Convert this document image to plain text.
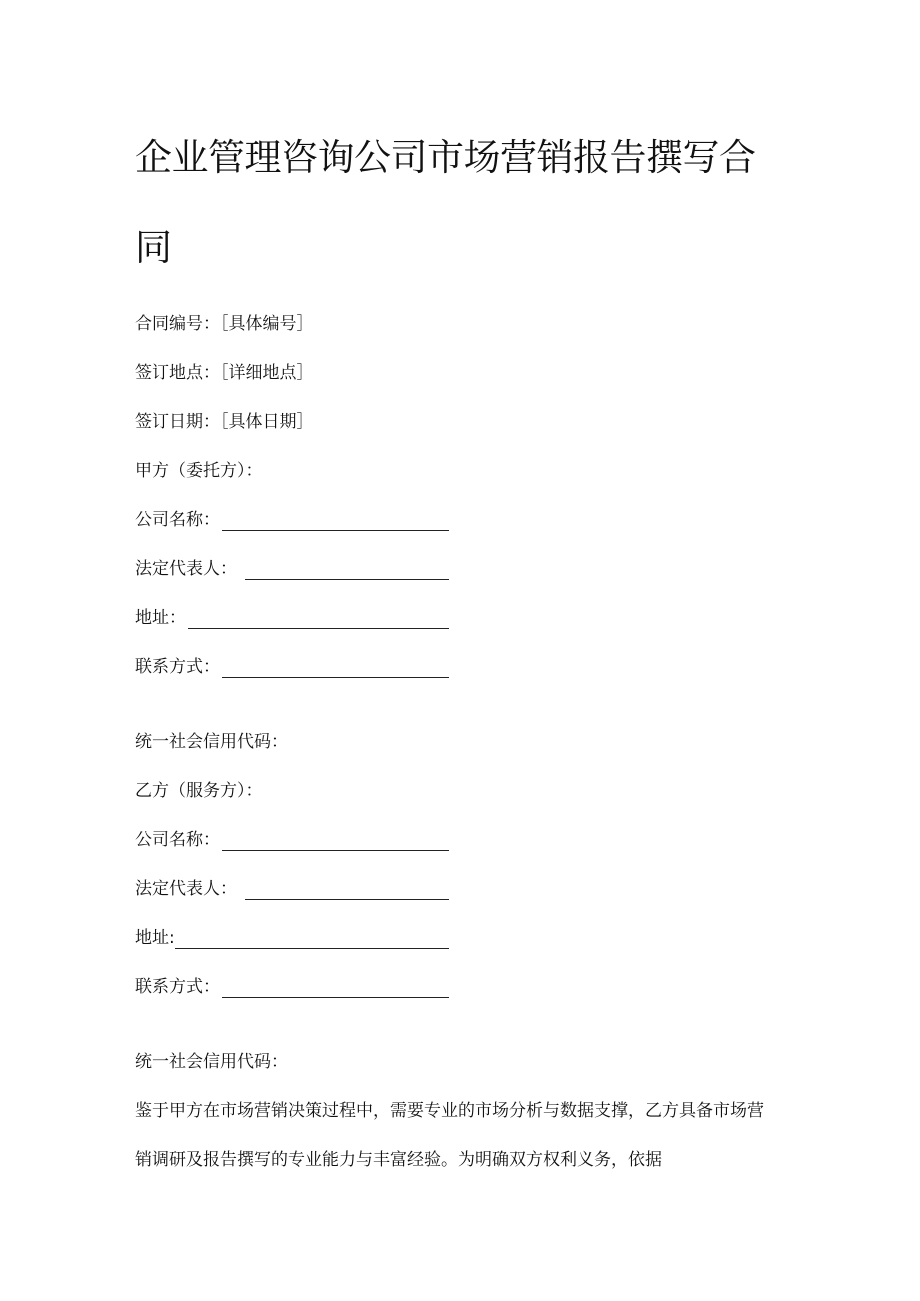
企业管理咨询公司市场营销报告撰写合
同
合同编号：［具体编号］
签订地点：［详细地点］
签订日期：［具体日期］
甲方（委托方）：
公司名称：
法定代表人：
地址：
联系方式：
统一社会信用代码：
乙方（服务方）：
公司名称：
法定代表人：
地址:
联系方式：
统一社会信用代码：
鉴于甲方在市场营销决策过程中，需要专业的市场分析与数据支撑，乙方具备市场营
销调研及报告撰写的专业能力与丰富经验。为明确双方权利义务，依据
